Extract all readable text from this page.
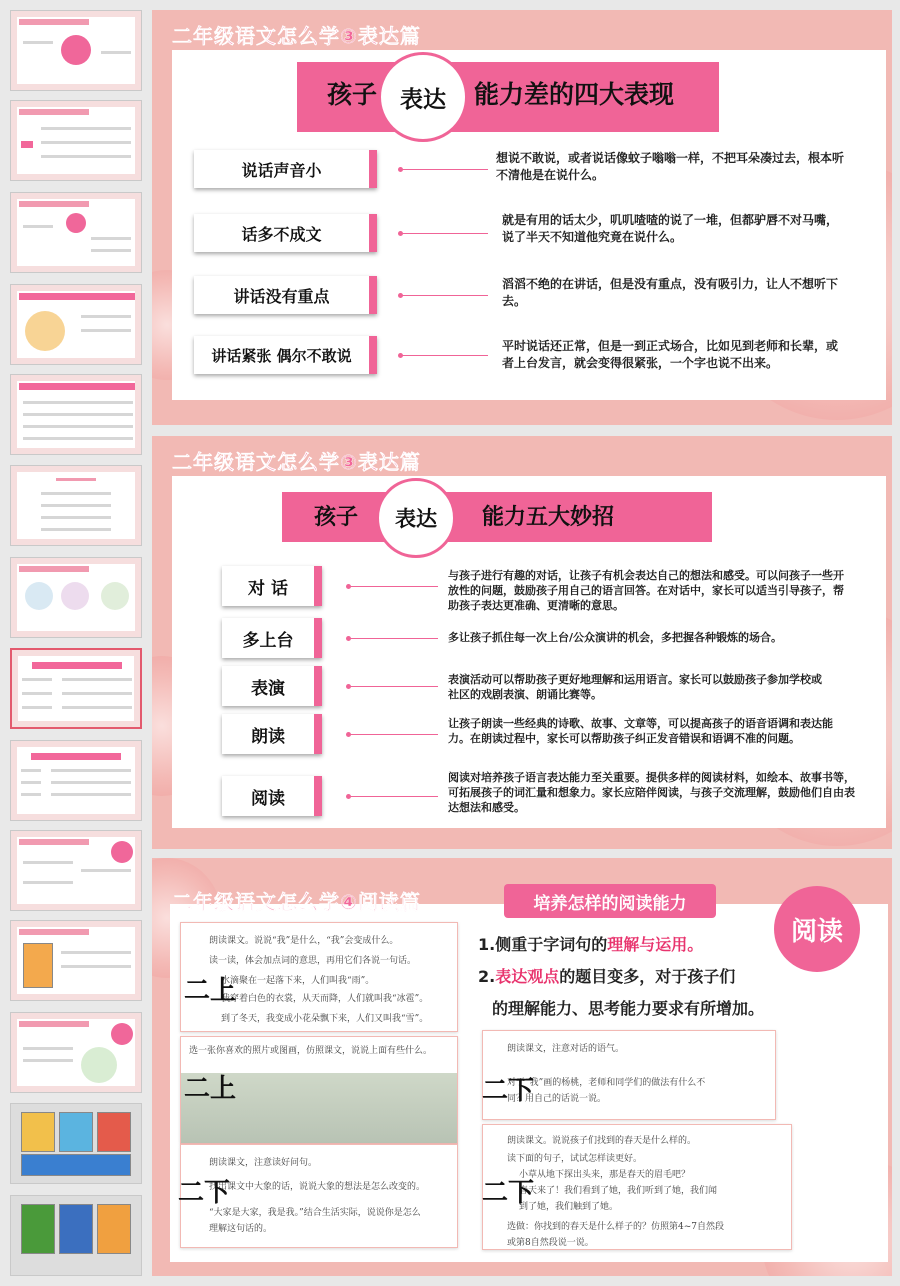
二年级语文怎么学③表达篇
孩子 表达	能力差的四大表现
说话声音小
想说不敢说，或者说话像蚊子嗡嗡一样，不把耳朵凑过去，根本听不清他是在说什么。
话多不成文
就是有用的话太少，叽叽喳喳的说了一堆，但都驴唇不对马嘴，说了半天不知道他究竟在说什么。
讲话没有重点
滔滔不绝的在讲话，但是没有重点，没有吸引力，让人不想听下去。
讲话紧张 偶尔不敢说
平时说话还正常，但是一到正式场合，比如见到老师和长辈，或者上台发言，就会变得很紧张，一个字也说不出来。
二年级语文怎么学③表达篇
孩子	表达	能力五大妙招
对 话
与孩子进行有趣的对话，让孩子有机会表达自己的想法和感受。可以问孩子一些开放性的问题，鼓励孩子用自己的语言回答。在对话中，家长可以适当引导孩子，帮助孩子表达更准确、更清晰的意思。
多上台	多让孩子抓住每一次上台/公众演讲的机会，多把握各种锻炼的场合。
表演	表演活动可以帮助孩子更好地理解和运用语言。家长可以鼓励孩子参加学校或社区的戏剧表演、朗诵比赛等。
朗读
让孩子朗读一些经典的诗歌、故事、文章等，可以提高孩子的语音语调和表达能力。在朗读过程中，家长可以帮助孩子纠正发音错误和语调不准的问题。
阅读
阅读对培养孩子语言表达能力至关重要。提供多样的阅读材料，如绘本、故事书等，可拓展孩子的词汇量和想象力。家长应陪伴阅读，与孩子交流理解，鼓励他们自由表达想法和感受。
二年级语文怎么学④阅读篇	培养怎样的阅读能力
阅读
1.侧重于字词句的理解与运用。
2.表达观点的题目变多，对于孩子们
的理解能力、思考能力要求有所增加。
朗读课文。说说“我”是什么，“我”会变成什么。
读一读，体会加点词的意思，再用它们各说一句话。
水滴聚在一起落下来，人们叫我“雨”。
我穿着白色的衣裳，从天而降，人们就叫我“冰雹”。
到了冬天，我变成小花朵飘下来，人们又叫我“雪”。
二上
选一张你喜欢的照片或图画，仿照课文，说说上面有些什么。
二上
朗读课文，注意读好问句。
找出课文中大象的话，说说大象的想法是怎么改变的。
“大家是大家，我是我。”结合生活实际，说说你是怎么
理解这句话的。
二下
朗读课文，注意对话的语气。
对于“我”画的杨桃，老师和同学们的做法有什么不
同？用自己的话说一说。
二下
朗读课文。说说孩子们找到的春天是什么样的。
读下面的句子，试试怎样读更好。
小草从地下探出头来，那是春天的眉毛吧？
春天来了！我们看到了她，我们听到了她，我们闻
到了她，我们触到了她。
选做：你找到的春天是什么样子的？仿照第4~7自然段
或第8自然段说一说。
二下
